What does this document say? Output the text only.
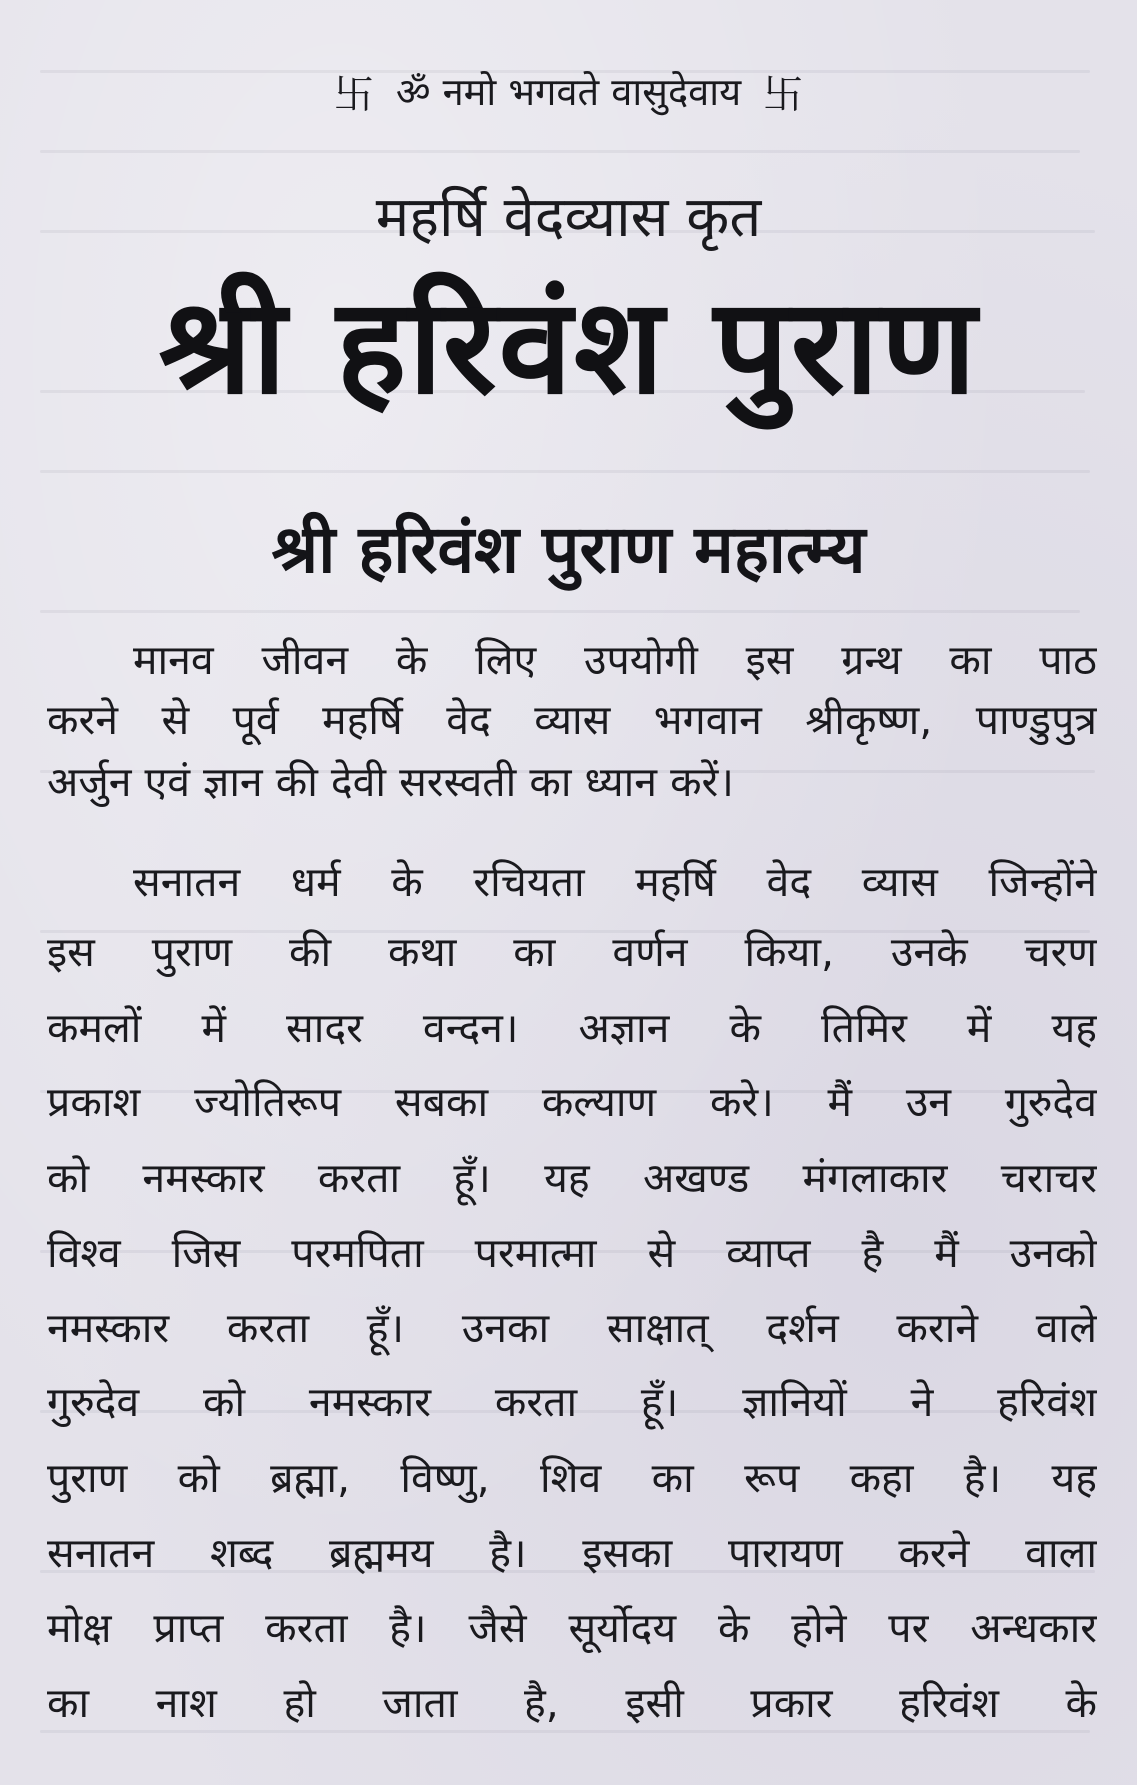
卐 ॐ नमो भगवते वासुदेवाय 卐
महर्षि वेदव्यास कृत
श्री हरिवंश पुराण
श्री हरिवंश पुराण महात्म्य
मानव जीवन के लिए उपयोगी इस ग्रन्थ का पाठ
करने से पूर्व महर्षि वेद व्यास भगवान श्रीकृष्ण, पाण्डुपुत्र
अर्जुन एवं ज्ञान की देवी सरस्वती का ध्यान करें।
सनातन धर्म के रचियता महर्षि वेद व्यास जिन्होंने
इस पुराण की कथा का वर्णन किया, उनके चरण
कमलों में सादर वन्दन। अज्ञान के तिमिर में यह
प्रकाश ज्योतिरूप सबका कल्याण करे। मैं उन गुरुदेव
को नमस्कार करता हूँ। यह अखण्ड मंगलाकार चराचर
विश्व जिस परमपिता परमात्मा से व्याप्त है मैं उनको
नमस्कार करता हूँ। उनका साक्षात् दर्शन कराने वाले
गुरुदेव को नमस्कार करता हूँ। ज्ञानियों ने हरिवंश
पुराण को ब्रह्मा, विष्णु, शिव का रूप कहा है। यह
सनातन शब्द ब्रह्ममय है। इसका पारायण करने वाला
मोक्ष प्राप्त करता है। जैसे सूर्योदय के होने पर अन्धकार
का नाश हो जाता है, इसी प्रकार हरिवंश के
